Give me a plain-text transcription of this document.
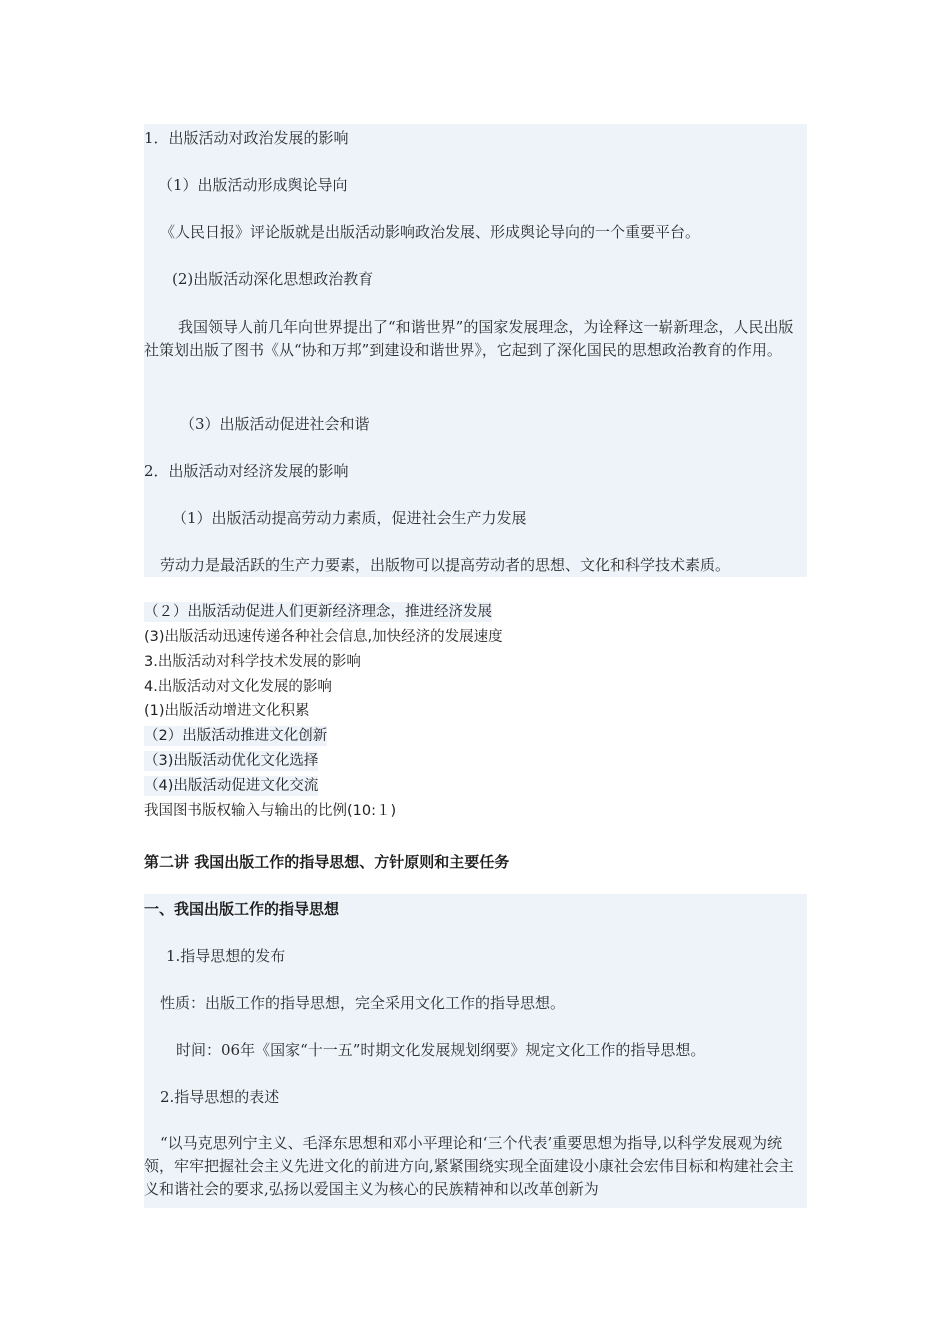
1．出版活动对政治发展的影响
（1）出版活动形成舆论导向
《人民日报》评论版就是出版活动影响政治发展、形成舆论导向的一个重要平台。
(2)出版活动深化思想政治教育
我国领导人前几年向世界提出了“和谐世界”的国家发展理念，为诠释这一崭新理念，人民出版社策划出版了图书《从“协和万邦”到建设和谐世界》，它起到了深化国民的思想政治教育的作用。
（3）出版活动促进社会和谐
2．出版活动对经济发展的影响
（1）出版活动提高劳动力素质，促进社会生产力发展
劳动力是最活跃的生产力要素，出版物可以提高劳动者的思想、文化和科学技术素质。
（２）出版活动促进人们更新经济理念，推进经济发展
(3)出版活动迅速传递各种社会信息,加快经济的发展速度
3.出版活动对科学技术发展的影响
4.出版活动对文化发展的影响
(1)出版活动增进文化积累
（2）出版活动推进文化创新
（3)出版活动优化文化选择
（4)出版活动促进文化交流
我国图书版权输入与输出的比例(10:１)
第二讲 我国出版工作的指导思想、方针原则和主要任务
一、我国出版工作的指导思想
1.指导思想的发布
性质：出版工作的指导思想，完全采用文化工作的指导思想。
时间：06年《国家“十一五”时期文化发展规划纲要》规定文化工作的指导思想。
2.指导思想的表述
“以马克思列宁主义、毛泽东思想和邓小平理论和‘三个代表’重要思想为指导,以科学发展观为统领，牢牢把握社会主义先进文化的前进方向,紧紧围绕实现全面建设小康社会宏伟目标和构建社会主义和谐社会的要求,弘扬以爱国主义为核心的民族精神和以改革创新为
